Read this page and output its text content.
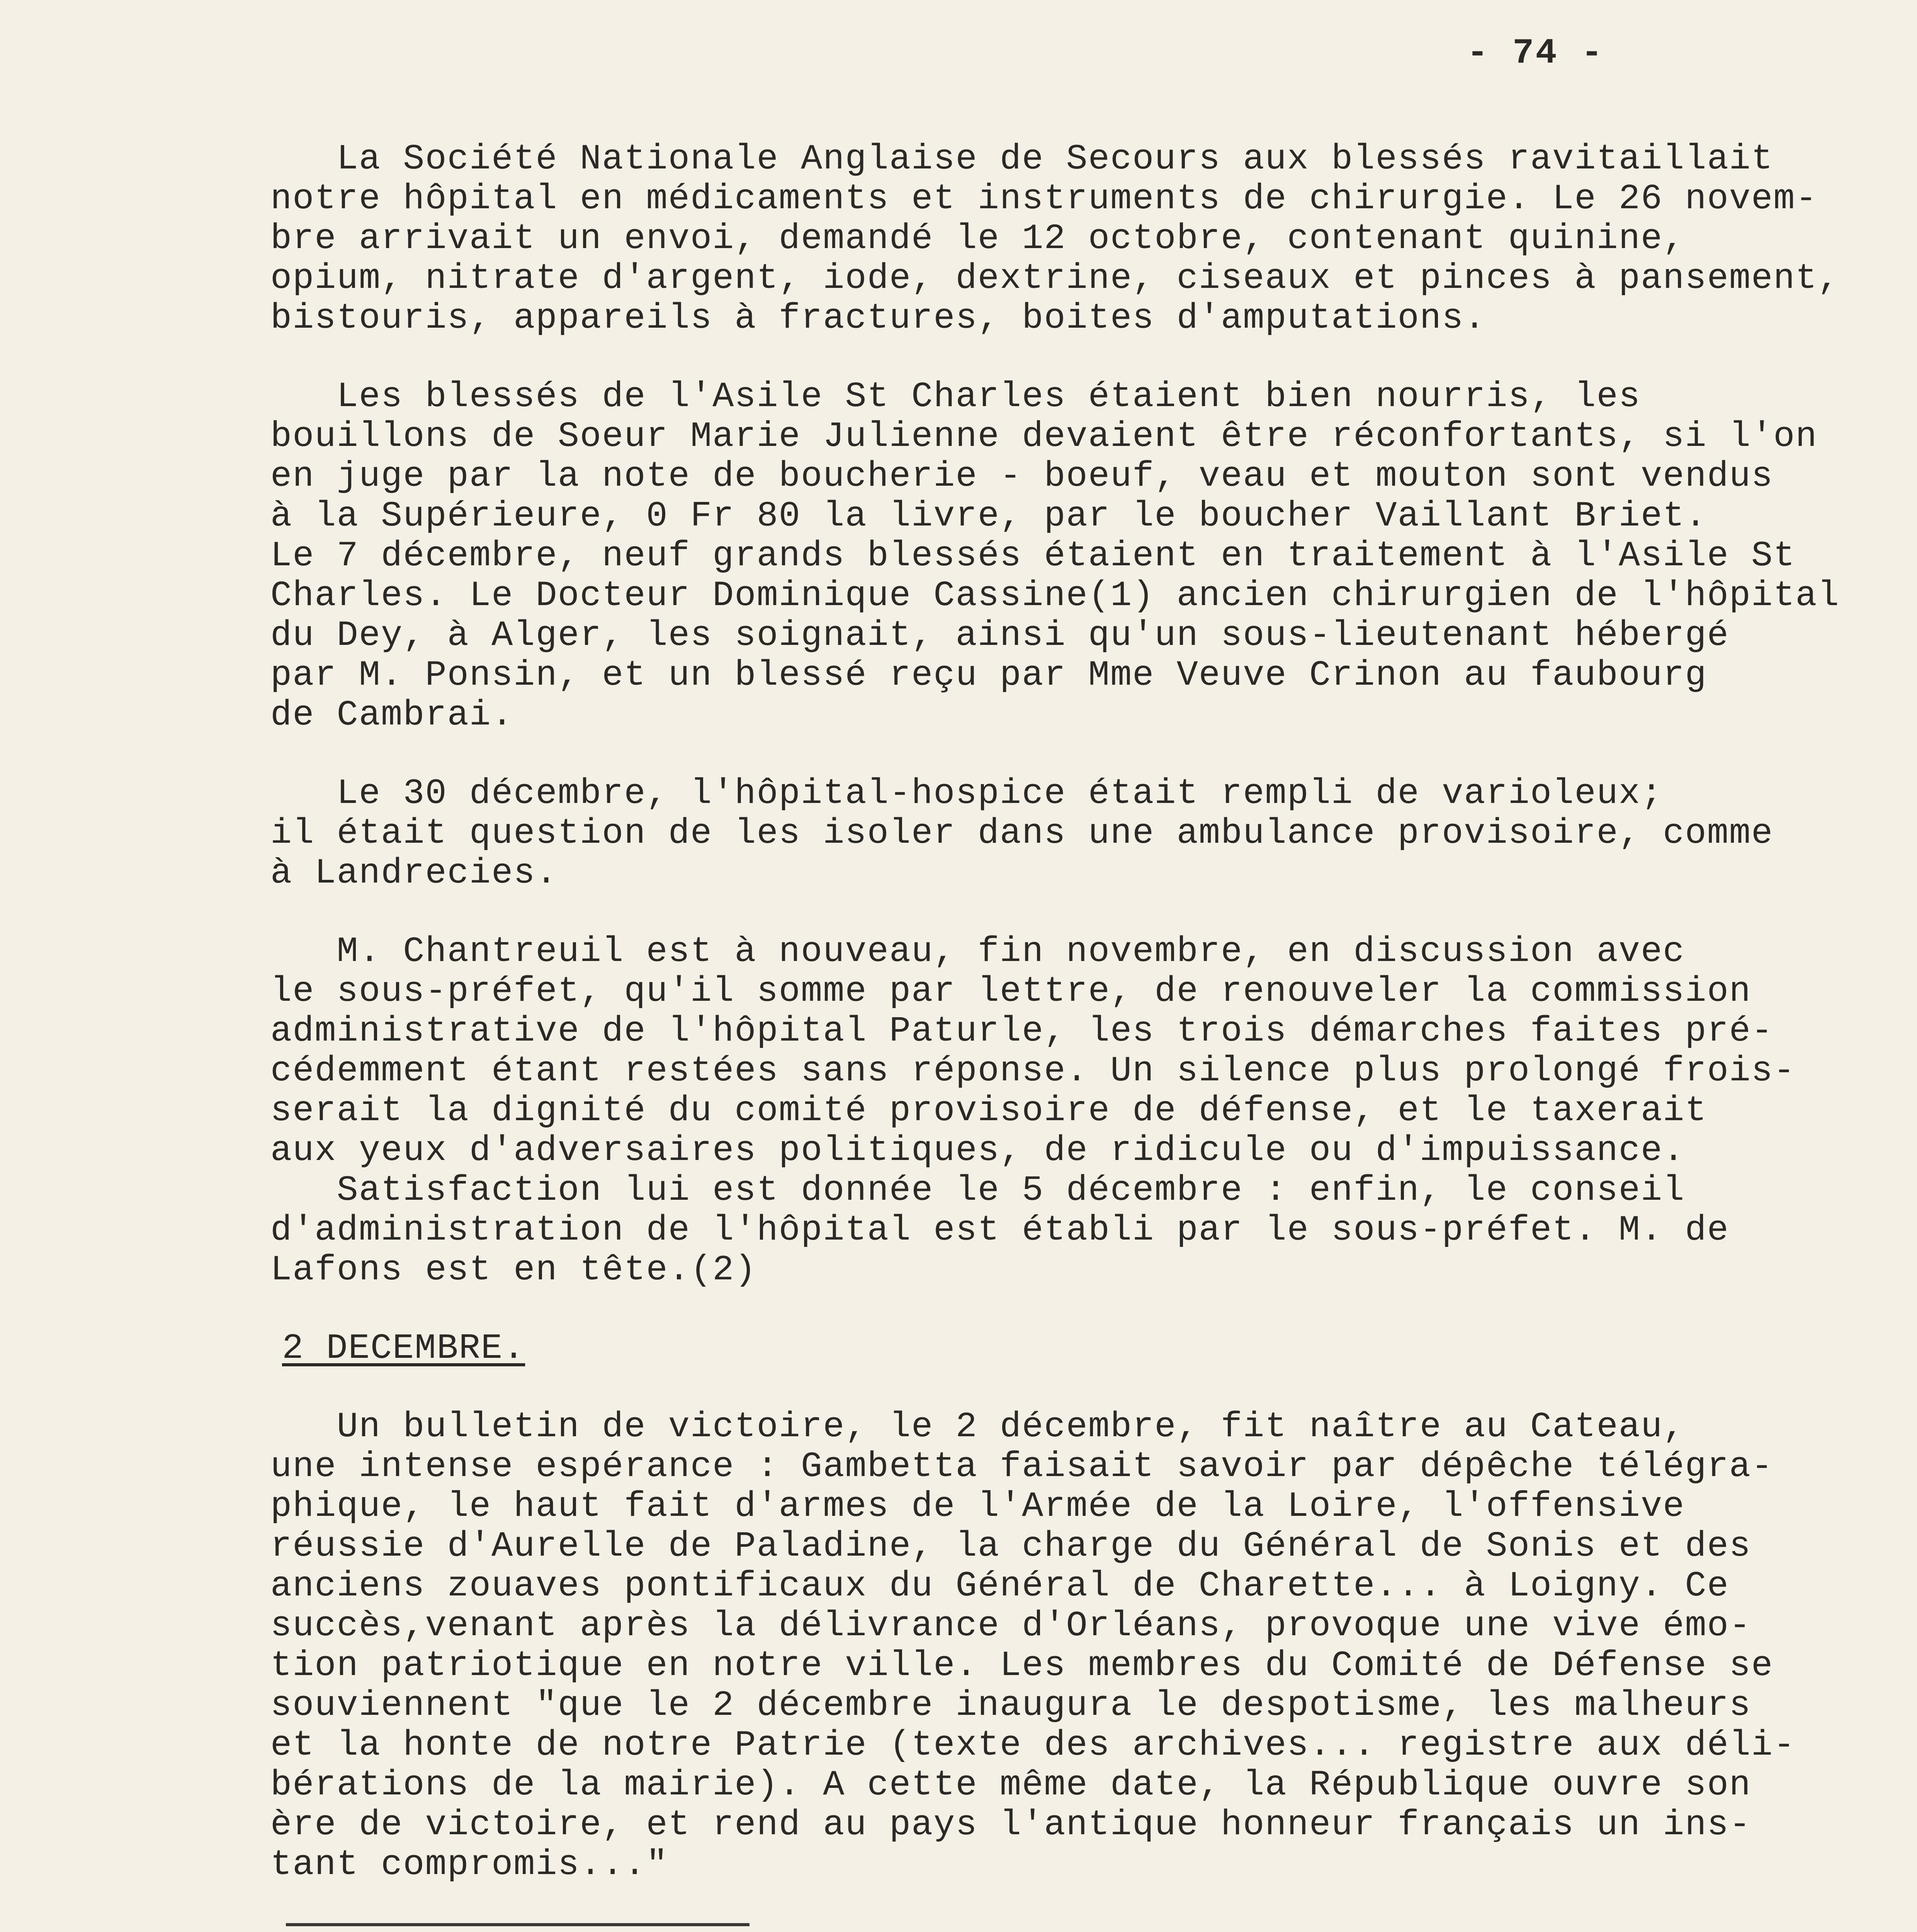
- 74 -
La Société Nationale Anglaise de Secours aux blessés ravitaillait
notre hôpital en médicaments et instruments de chirurgie. Le 26 novem-
bre arrivait un envoi, demandé le 12 octobre, contenant quinine,
opium, nitrate d'argent, iode, dextrine, ciseaux et pinces à pansement,
bistouris, appareils à fractures, boites d'amputations.
Les blessés de l'Asile St Charles étaient bien nourris, les
bouillons de Soeur Marie Julienne devaient être réconfortants, si l'on
en juge par la note de boucherie - boeuf, veau et mouton sont vendus
à la Supérieure, 0 Fr 80 la livre, par le boucher Vaillant Briet.
Le 7 décembre, neuf grands blessés étaient en traitement à l'Asile St
Charles. Le Docteur Dominique Cassine(1) ancien chirurgien de l'hôpital
du Dey, à Alger, les soignait, ainsi qu'un sous-lieutenant hébergé
par M. Ponsin, et un blessé reçu par Mme Veuve Crinon au faubourg
de Cambrai.
Le 30 décembre, l'hôpital-hospice était rempli de varioleux;
il était question de les isoler dans une ambulance provisoire, comme
à Landrecies.
M. Chantreuil est à nouveau, fin novembre, en discussion avec
le sous-préfet, qu'il somme par lettre, de renouveler la commission
administrative de l'hôpital Paturle, les trois démarches faites pré-
cédemment étant restées sans réponse. Un silence plus prolongé frois-
serait la dignité du comité provisoire de défense, et le taxerait
aux yeux d'adversaires politiques, de ridicule ou d'impuissance.
Satisfaction lui est donnée le 5 décembre : enfin, le conseil
d'administration de l'hôpital est établi par le sous-préfet. M. de
Lafons est en tête.(2)
2 DECEMBRE.
Un bulletin de victoire, le 2 décembre, fit naître au Cateau,
une intense espérance : Gambetta faisait savoir par dépêche télégra-
phique, le haut fait d'armes de l'Armée de la Loire, l'offensive
réussie d'Aurelle de Paladine, la charge du Général de Sonis et des
anciens zouaves pontificaux du Général de Charette... à Loigny. Ce
succès,venant après la délivrance d'Orléans, provoque une vive émo-
tion patriotique en notre ville. Les membres du Comité de Défense se
souviennent "que le 2 décembre inaugura le despotisme, les malheurs
et la honte de notre Patrie (texte des archives... registre aux déli-
bérations de la mairie). A cette même date, la République ouvre son
ère de victoire, et rend au pays l'antique honneur français un ins-
tant compromis..."
